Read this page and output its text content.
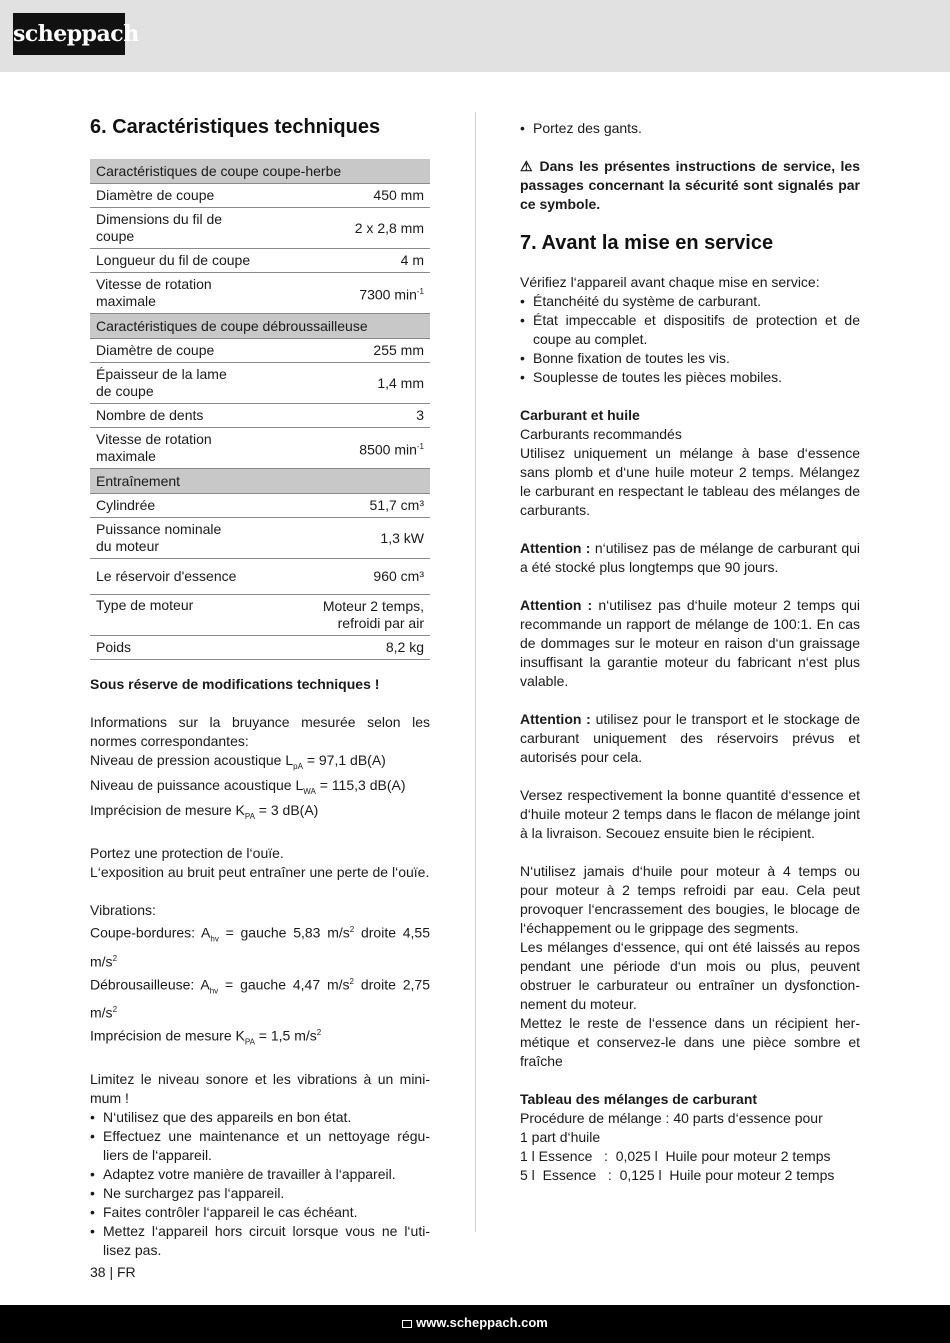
scheppach
6. Caractéristiques techniques
Caractéristiques de coupe coupe-herbe	
Diamètre de coupe	450 mm
Dimensions du fil de coupe	2 x 2,8 mm
Longueur du fil de coupe	4 m
Vitesse de rotation maximale	7300 $\min^{-1}$
Caractéristiques de coupe débroussailleuse	
Diamètre de coupe	255 mm
Épaisseur de la lame de coupe	1,4 mm
Nombre de dents	3
Vitesse de rotation maximale	8500 $\min^{-1}$
Entraînement	
Cylindrée	51,7 cm³
Puissance nominale du moteur	1,3 kW
Le réservoir d'essence	960 cm³
Type de moteur	Moteur 2 temps,
refroidi par air
Poids	8,2 kg

Sous réserve de modifications techniques !

Informations sur la bruyance mesurée selon les normes correspondantes:

Niveau de pression acoustique $L_{pA} = 97,1$ dB(A)

Niveau de puissance acoustique $L_{WA} = 115,3$ dB(A)

Imprécision de mesure $K_{PA} = 3$ dB(A)

Portez une protection de l‘ouïe.

L‘exposition au bruit peut entraîner une perte de l‘ouïe.

Vibrations:

Coupe-bordures: $A_{hv}$ = gauche 5,83 $m/s^2$ droite 4,55 $m/s^2$

Débrousailleuse: $A_{hv}$ = gauche 4,47 $m/s^2$ droite 2,75 $m/s^2$

Imprécision de mesure $K_{PA} = 1,5$ $m/s^2$

Limitez le niveau sonore et les vibrations à un minimum !

• N‘utilisez que des appareils en bon état.
• Effectuez une maintenance et un nettoyage réguliers de l‘appareil.
• Adaptez votre manière de travailler à l‘appareil.
• Ne surchargez pas l‘appareil.
• Faites contrôler l‘appareil le cas échéant.
• Mettez l‘appareil hors circuit lorsque vous ne l‘utilisez pas.
• Portez des gants.

⚠ Dans les présentes instructions de service, les passages concernant la sécurité sont signalés par ce symbole.

7. Avant la mise en service

Vérifiez l‘appareil avant chaque mise en service:

• Étanchéité du système de carburant.
• État impeccable et dispositifs de protection et de coupe au complet.
• Bonne fixation de toutes les vis.
• Souplesse de toutes les pièces mobiles.

Carburant et huile

Carburants recommandés

Utilisez uniquement un mélange à base d‘essence sans plomb et d‘une huile moteur 2 temps. Mélangez le carburant en respectant le tableau des mélanges de carburants.

Attention : n‘utilisez pas de mélange de carburant qui a été stocké plus longtemps que 90 jours.

Attention : n‘utilisez pas d‘huile moteur 2 temps qui recommande un rapport de mélange de 100:1. En cas de dommages sur le moteur en raison d‘un graissage insuffisant la garantie moteur du fabricant n‘est plus valable.

Attention : utilisez pour le transport et le stockage de carburant uniquement des réservoirs prévus et autorisés pour cela.

Versez respectivement la bonne quantité d‘essence et d‘huile moteur 2 temps dans le flacon de mélange joint à la livraison. Secouez ensuite bien le récipient.

N‘utilisez jamais d‘huile pour moteur à 4 temps ou pour moteur à 2 temps refroidi par eau. Cela peut provoquer l‘encrassement des bougies, le blocage de l‘échappement ou le grippage des segments.

Les mélanges d‘essence, qui ont été laissés au repos pendant une période d‘un mois ou plus, peuvent obstruer le carburateur ou entraîner un dysfonctionnement du moteur.

Mettez le reste de l‘essence dans un récipient hermétique et conservez-le dans une pièce sombre et fraîche

Tableau des mélanges de carburant

Procédure de mélange : 40 parts d‘essence pour

1 part d‘huile

1 l Essence   :  0,025 l  Huile pour moteur 2 temps

5 l  Essence   :  0,125 l  Huile pour moteur 2 temps

38 | FR
www.scheppach.com
